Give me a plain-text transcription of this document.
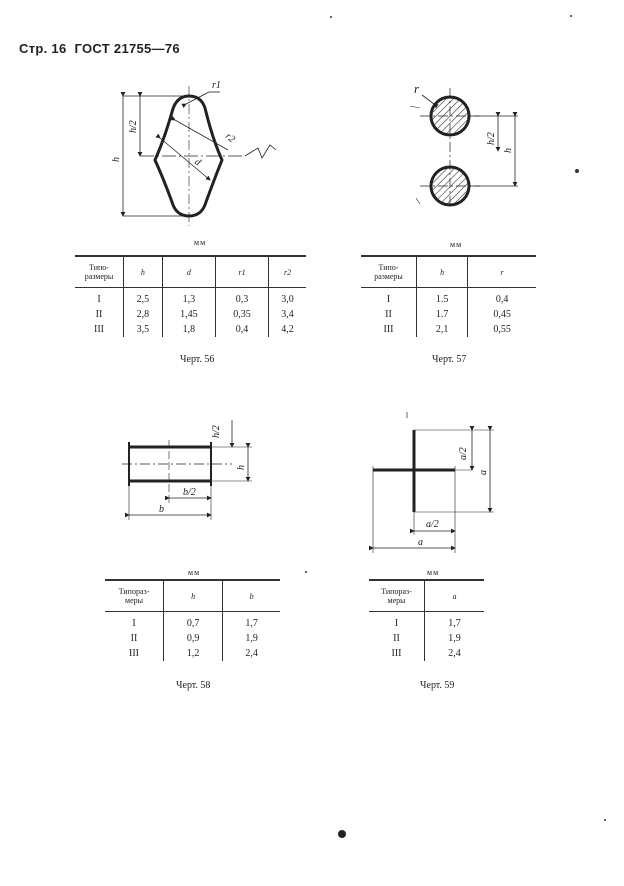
Стр. 16 ГОСТ 21755—76
r1
r2
h/2
h	d
r
h/2
h
h/2
h
b/2
b
a/2
a
a/2
a
мм
Типо-
размеры	h	d	r1	r2
I	2,5	1,3	0,3	3,0
II	2,8	1,45	0,35	3,4
III	3,5	1,8	0,4	4,2
Черт. 56
мм
Типо-
размеры	h	r
I	1.5	0,4
II	1.7	0,45
III	2,1	0,55
Черт. 57
мм
Типораз-
меры	h	b
I	0,7	1,7
II	0,9	1,9
III	1,2	2,4
Черт. 58
мм
Типораз-
меры	a
I	1,7
II	1,9
III	2,4
Черт. 59
